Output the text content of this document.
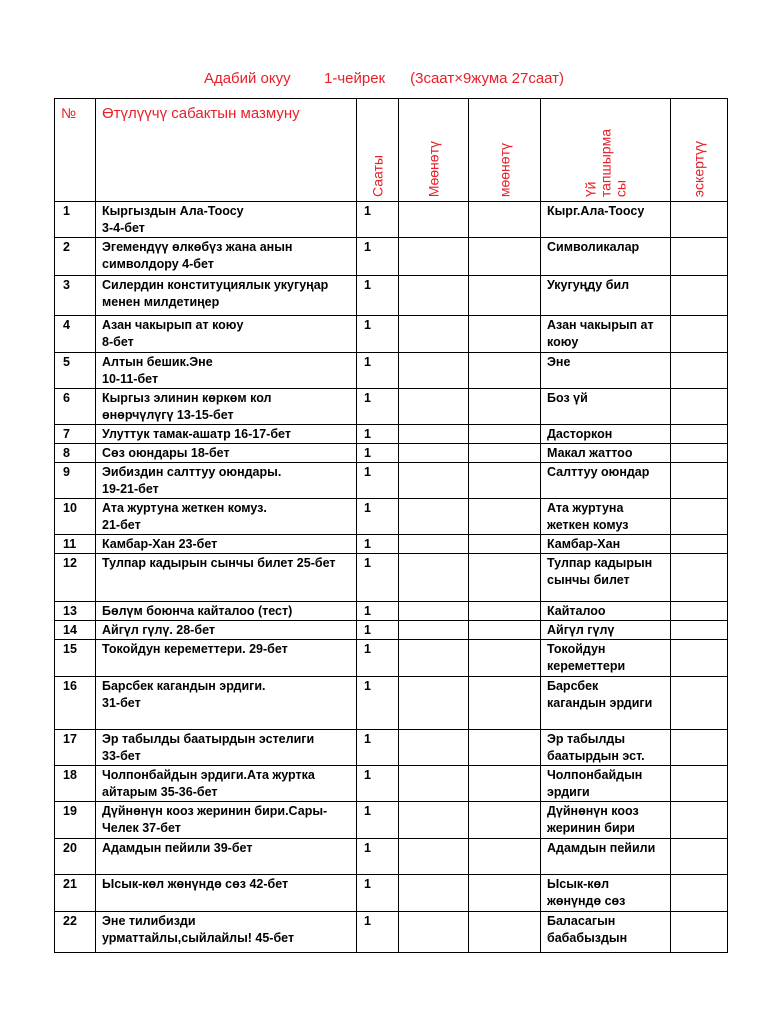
Адабий окуу 1-чейрек (3саат×9жума 27саат)
№	Өтүлүүчү сабактын мазмуну	Сааты	Мөөнөтү	мөөнөтү	Үй
тапшырма
сы	эскертүү

1	Кыргыздын Ала-Тоосу
3-4-бет	1			Кырг.Ала-Тоосу	
2	Эгемендүү өлкөбүз жана анын
символдору 4-бет	1			Символикалар	
3	Силердин конституциялык укугуңар
менен милдетиңер	1			Укугуңду бил	
4	Азан чакырып ат коюу
8-бет	1			Азан чакырып ат
коюу	
5	Алтын бешик.Эне
10-11-бет	1			Эне	
6	Кыргыз элинин көркөм кол
өнөрчүлүгү 13-15-бет	1			Боз үй	
7	Улуттук тамак-ашатр 16-17-бет	1			Дасторкон	
8	Сөз оюндары 18-бет	1			Макал жаттоо	
9	Эибиздин салттуу оюндары.
19-21-бет	1			Салттуу оюндар	
10	Ата журтуна жеткен комуз.
21-бет	1			Ата журтуна
жеткен комуз	
11	Камбар-Хан 23-бет	1			Камбар-Хан	
12	Тулпар кадырын сынчы билет 25-бет	1			Тулпар кадырын
сынчы билет	
13	Бөлүм боюнча кайталоо (тест)	1			Кайталоо	
14	Айгүл гүлү. 28-бет	1			Айгүл гүлү	
15	Токойдун кереметтери. 29-бет	1			Токойдун
кереметтери	
16	Барсбек кагандын эрдиги.
31-бет	1			Барсбек
кагандын эрдиги	
17	Эр табылды баатырдын эстелиги
33-бет	1			Эр табылды
баатырдын эст.	
18	Чолпонбайдын эрдиги.Ата журтка
айтарым 35-36-бет	1			Чолпонбайдын
эрдиги	
19	Дүйнөнүн кооз жеринин бири.Сары-
Челек 37-бет	1			Дүйнөнүн кооз
жеринин бири	
20	Адамдын пейили 39-бет	1			Адамдын пейили	
21	Ысык-көл жөнүндө сөз 42-бет	1			Ысык-көл
жөнүндө сөз	
22	Эне тилибизди
урматтайлы,сыйлайлы! 45-бет	1			Баласагын
бабабыздын	
